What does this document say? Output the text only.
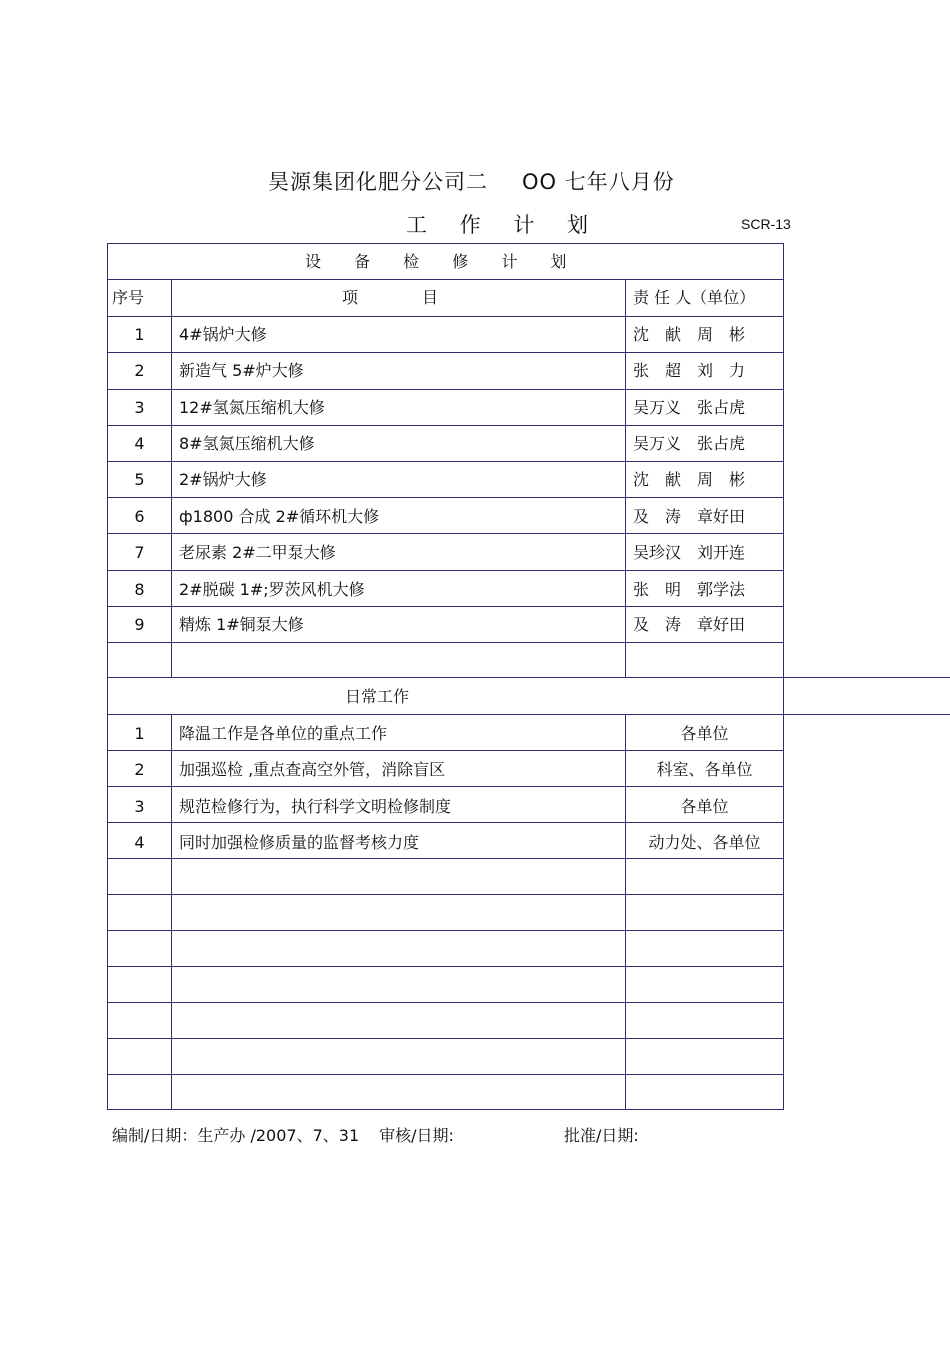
昊源集团化肥分公司二 OO 七年八月份
工 作 计 划	SCR-13
设 备 检 修 计 划
序号	项　　　　目	责 任 人（单位）
1	4#锅炉大修	沈　献　周　彬
2	新造气 5#炉大修	张　超　刘　力
3	12#氢氮压缩机大修	吴万义　张占虎
4	8#氢氮压缩机大修	吴万义　张占虎
5	2#锅炉大修	沈　献　周　彬
6	ф1800 合成 2#循环机大修	及　涛　章好田
7	老尿素 2#二甲泵大修	吴珍汉　刘开连
8	2#脱碳 1#;罗茨风机大修	张　明　郭学法
9	精炼 1#铜泵大修	及　涛　章好田
日常工作
1	降温工作是各单位的重点工作	各单位
2	加强巡检 ,重点查高空外管，消除盲区	科室、各单位
3	规范检修行为，执行科学文明检修制度	各单位
4	同时加强检修质量的监督考核力度	动力处、各单位
编制/日期：生产办 /2007、7、31 审核/日期:	批准/日期:
